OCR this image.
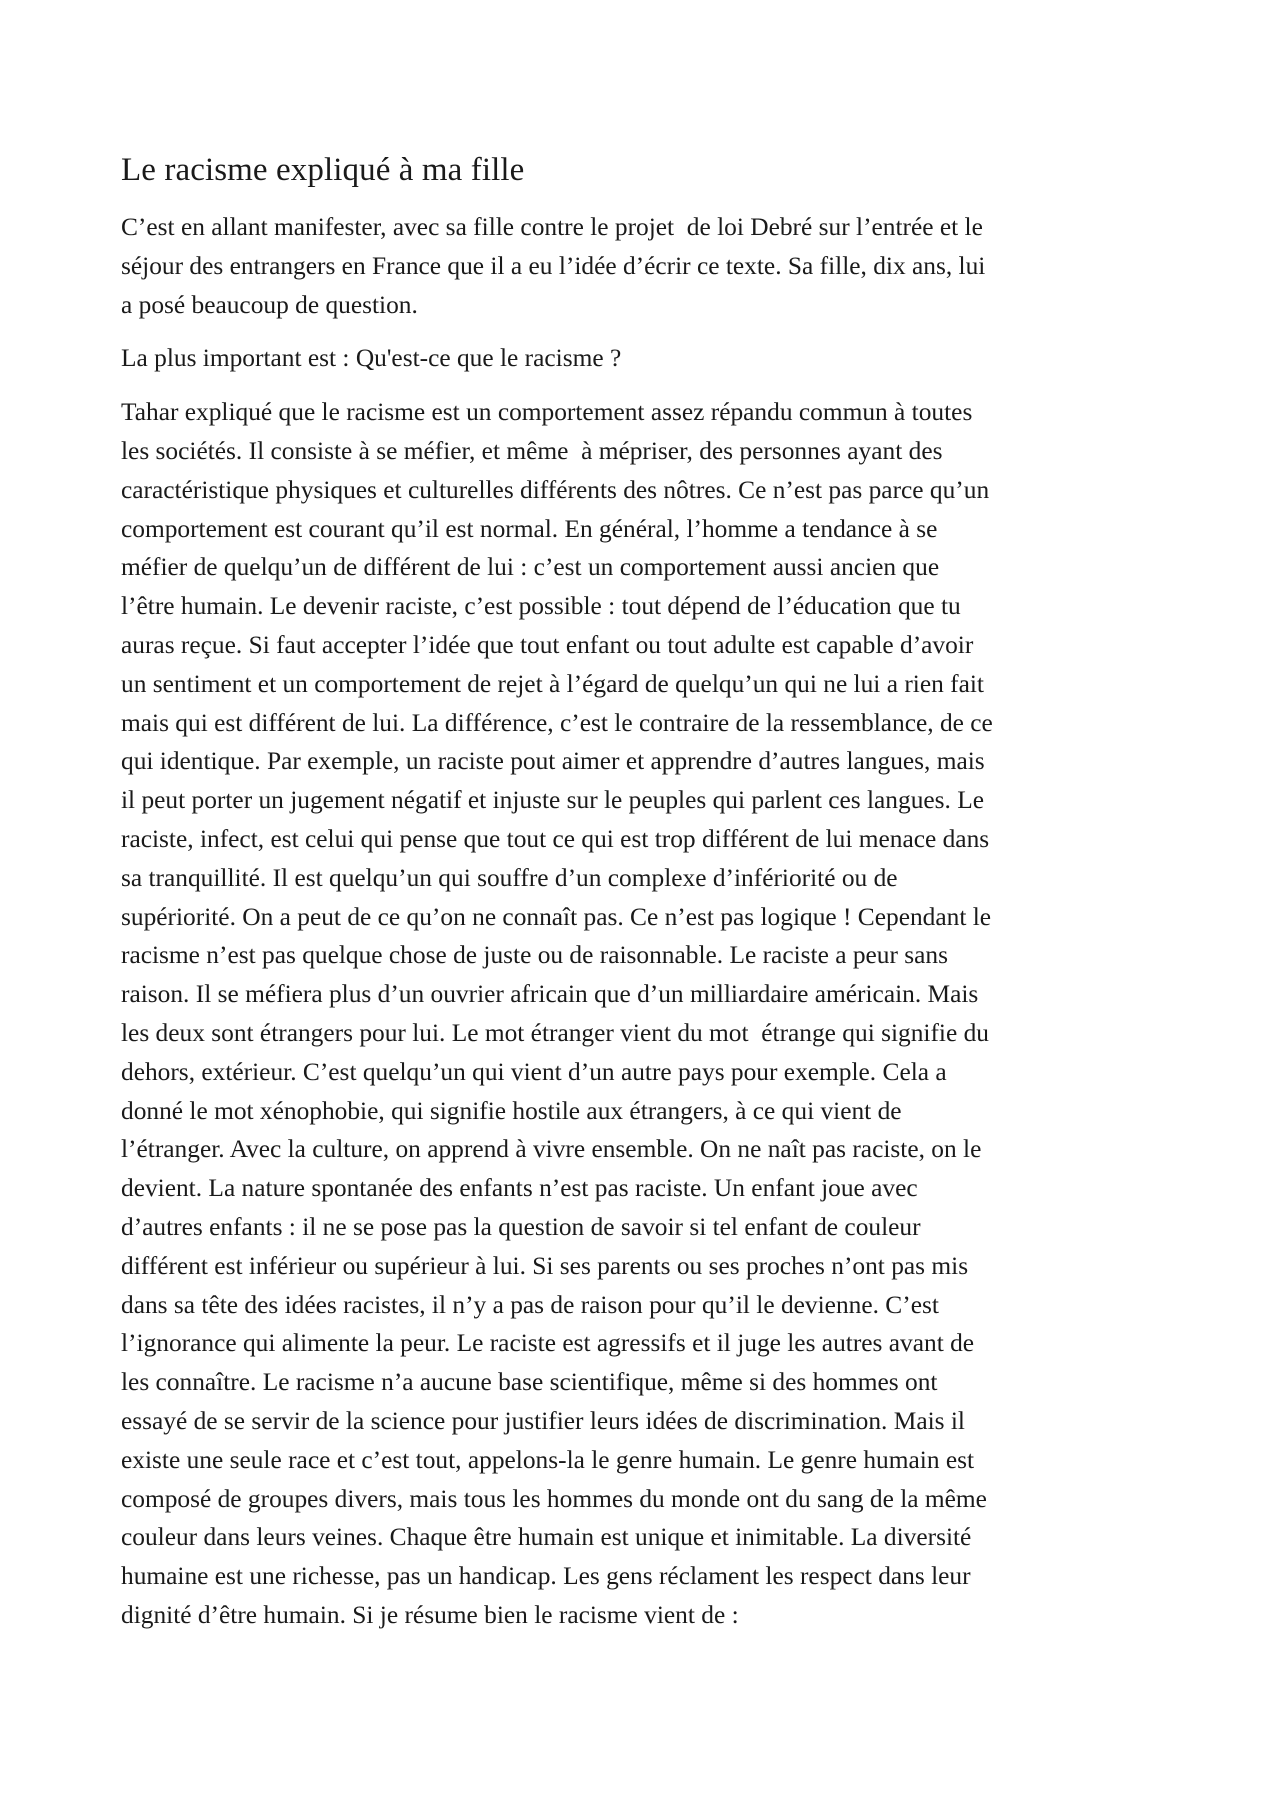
Le racisme expliqué à ma fille

C’est en allant manifester, avec sa fille contre le projet  de loi Debré sur l’entrée et le
séjour des entrangers en France que il a eu l’idée d’écrir ce texte. Sa fille, dix ans, lui
a posé beaucoup de question.

La plus important est : Qu'est-ce que le racisme ?

Tahar expliqué que le racisme est un comportement assez répandu commun à toutes
les sociétés. Il consiste à se méfier, et même  à mépriser, des personnes ayant des
caractéristique physiques et culturelles différents des nôtres. Ce n’est pas parce qu’un
comportement est courant qu’il est normal. En général, l’homme a tendance à se
méfier de quelqu’un de différent de lui : c’est un comportement aussi ancien que
l’être humain. Le devenir raciste, c’est possible : tout dépend de l’éducation que tu
auras reçue. Si faut accepter l’idée que tout enfant ou tout adulte est capable d’avoir
un sentiment et un comportement de rejet à l’égard de quelqu’un qui ne lui a rien fait
mais qui est différent de lui. La différence, c’est le contraire de la ressemblance, de ce
qui identique. Par exemple, un raciste pout aimer et apprendre d’autres langues, mais
il peut porter un jugement négatif et injuste sur le peuples qui parlent ces langues. Le
raciste, infect, est celui qui pense que tout ce qui est trop différent de lui menace dans
sa tranquillité. Il est quelqu’un qui souffre d’un complexe d’infériorité ou de
supériorité. On a peut de ce qu’on ne connaît pas. Ce n’est pas logique ! Cependant le
racisme n’est pas quelque chose de juste ou de raisonnable. Le raciste a peur sans
raison. Il se méfiera plus d’un ouvrier africain que d’un milliardaire américain. Mais
les deux sont étrangers pour lui. Le mot étranger vient du mot  étrange qui signifie du
dehors, extérieur. C’est quelqu’un qui vient d’un autre pays pour exemple. Cela a
donné le mot xénophobie, qui signifie hostile aux étrangers, à ce qui vient de
l’étranger. Avec la culture, on apprend à vivre ensemble. On ne naît pas raciste, on le
devient. La nature spontanée des enfants n’est pas raciste. Un enfant joue avec
d’autres enfants : il ne se pose pas la question de savoir si tel enfant de couleur
différent est inférieur ou supérieur à lui. Si ses parents ou ses proches n’ont pas mis
dans sa tête des idées racistes, il n’y a pas de raison pour qu’il le devienne. C’est
l’ignorance qui alimente la peur. Le raciste est agressifs et il juge les autres avant de
les connaître. Le racisme n’a aucune base scientifique, même si des hommes ont
essayé de se servir de la science pour justifier leurs idées de discrimination. Mais il
existe une seule race et c’est tout, appelons-la le genre humain. Le genre humain est
composé de groupes divers, mais tous les hommes du monde ont du sang de la même
couleur dans leurs veines. Chaque être humain est unique et inimitable. La diversité
humaine est une richesse, pas un handicap. Les gens réclament les respect dans leur
dignité d’être humain. Si je résume bien le racisme vient de :
